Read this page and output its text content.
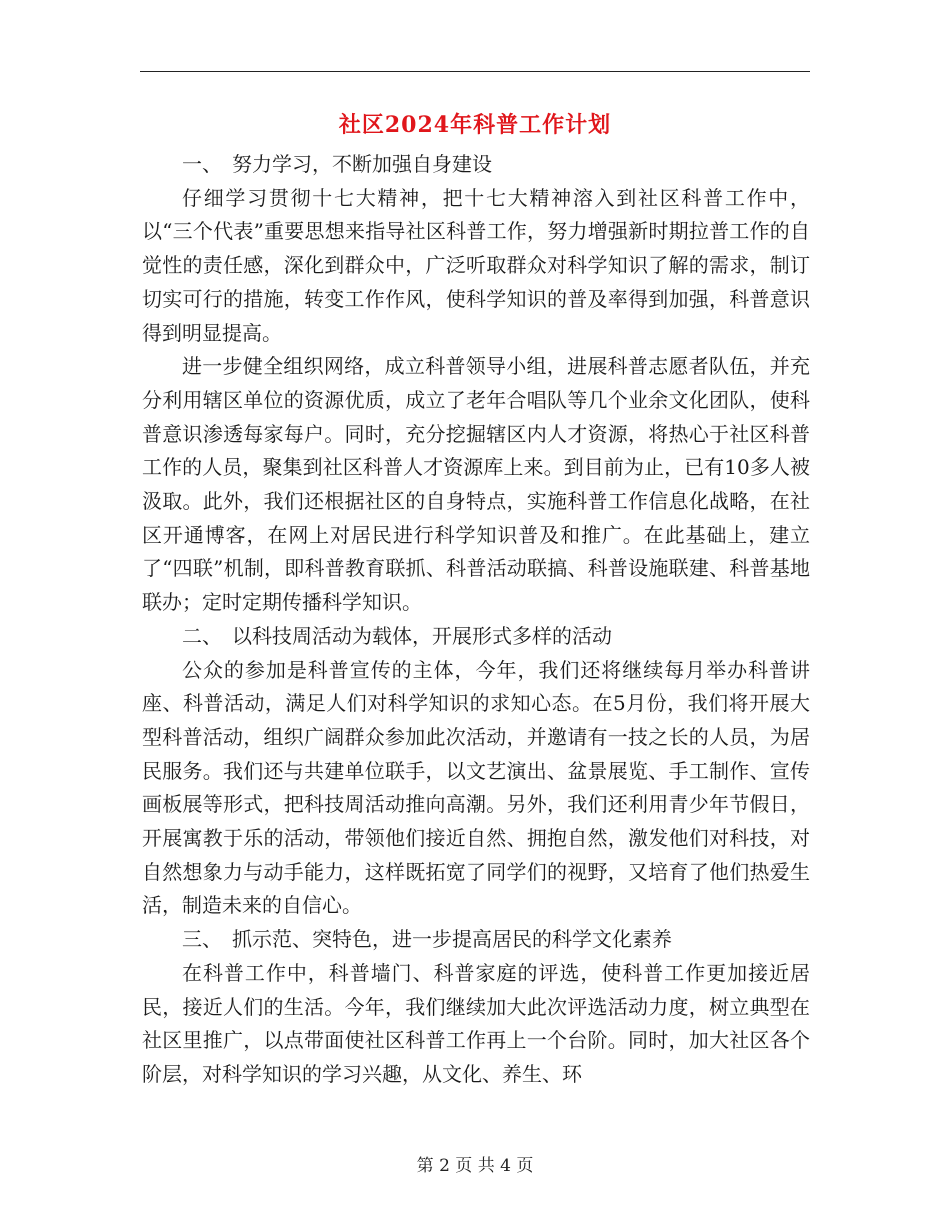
社区2024年科普工作计划

一、　努力学习，不断加强自身建设

仔细学习贯彻十七大精神，把十七大精神溶入到社区科普工作中，以“三个代表”重要思想来指导社区科普工作，努力增强新时期拉普工作的自觉性的责任感，深化到群众中，广泛听取群众对科学知识了解的需求，制订切实可行的措施，转变工作作风，使科学知识的普及率得到加强，科普意识得到明显提高。

进一步健全组织网络，成立科普领导小组，进展科普志愿者队伍，并充分利用辖区单位的资源优质，成立了老年合唱队等几个业余文化团队，使科普意识渗透每家每户。同时，充分挖掘辖区内人才资源，将热心于社区科普工作的人员，聚集到社区科普人才资源库上来。到目前为止，已有10多人被汲取。此外，我们还根据社区的自身特点，实施科普工作信息化战略，在社区开通博客，在网上对居民进行科学知识普及和推广。在此基础上，建立了“四联”机制，即科普教育联抓、科普活动联搞、科普设施联建、科普基地联办；定时定期传播科学知识。

二、　以科技周活动为载体，开展形式多样的活动

公众的参加是科普宣传的主体，今年，我们还将继续每月举办科普讲座、科普活动，满足人们对科学知识的求知心态。在5月份，我们将开展大型科普活动，组织广阔群众参加此次活动，并邀请有一技之长的人员，为居民服务。我们还与共建单位联手，以文艺演出、盆景展览、手工制作、宣传画板展等形式，把科技周活动推向高潮。另外，我们还利用青少年节假日，开展寓教于乐的活动，带领他们接近自然、拥抱自然，激发他们对科技，对自然想象力与动手能力，这样既拓宽了同学们的视野，又培育了他们热爱生活，制造未来的自信心。

三、　抓示范、突特色，进一步提高居民的科学文化素养

在科普工作中，科普墙门、科普家庭的评选，使科普工作更加接近居民，接近人们的生活。今年，我们继续加大此次评选活动力度，树立典型在社区里推广，以点带面使社区科普工作再上一个台阶。同时，加大社区各个阶层，对科学知识的学习兴趣，从文化、养生、环

第 2 页 共 4 页
